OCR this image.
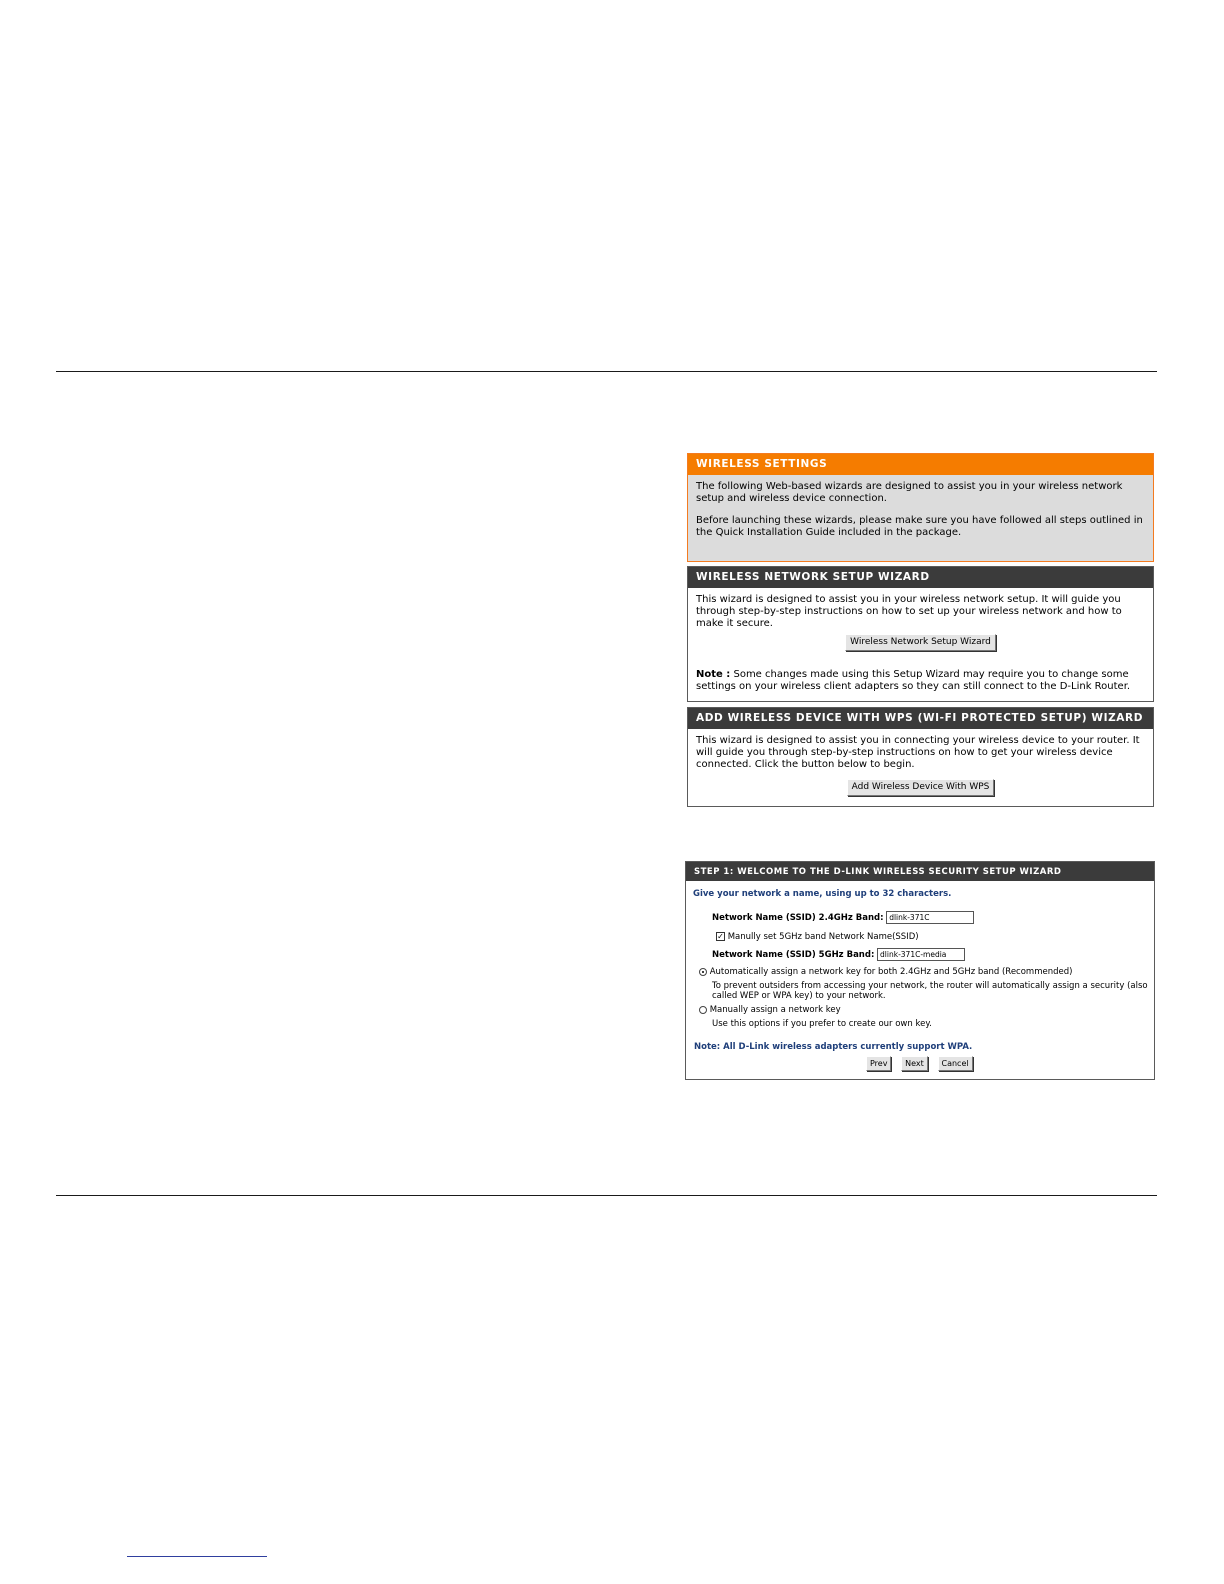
WIRELESS SETTINGS

The following Web-based wizards are designed to assist you in your wireless network setup and wireless device connection.

Before launching these wizards, please make sure you have followed all steps outlined in the Quick Installation Guide included in the package.

WIRELESS NETWORK SETUP WIZARD

This wizard is designed to assist you in your wireless network setup. It will guide you through step-by-step instructions on how to set up your wireless network and how to make it secure.

Wireless Network Setup Wizard

Note : Some changes made using this Setup Wizard may require you to change some settings on your wireless client adapters so they can still connect to the D-Link Router.

ADD WIRELESS DEVICE WITH WPS (WI-FI PROTECTED SETUP) WIZARD

This wizard is designed to assist you in connecting your wireless device to your router. It will guide you through step-by-step instructions on how to get your wireless device connected. Click the button below to begin.

Add Wireless Device With WPS
STEP 1: WELCOME TO THE D-LINK WIRELESS SECURITY SETUP WIZARD
Give your network a name, using up to 32 characters.
Network Name (SSID) 2.4GHz Band: dlink-371C
✓ Manully set 5GHz band Network Name(SSID)
Network Name (SSID) 5GHz Band: dlink-371C-media
Automatically assign a network key for both 2.4GHz and 5GHz band (Recommended)
To prevent outsiders from accessing your network, the router will automatically assign a security (also called WEP or WPA key) to your network.
Manually assign a network key
Use this options if you prefer to create our own key.
Note: All D-Link wireless adapters currently support WPA.
Prev Next Cancel
